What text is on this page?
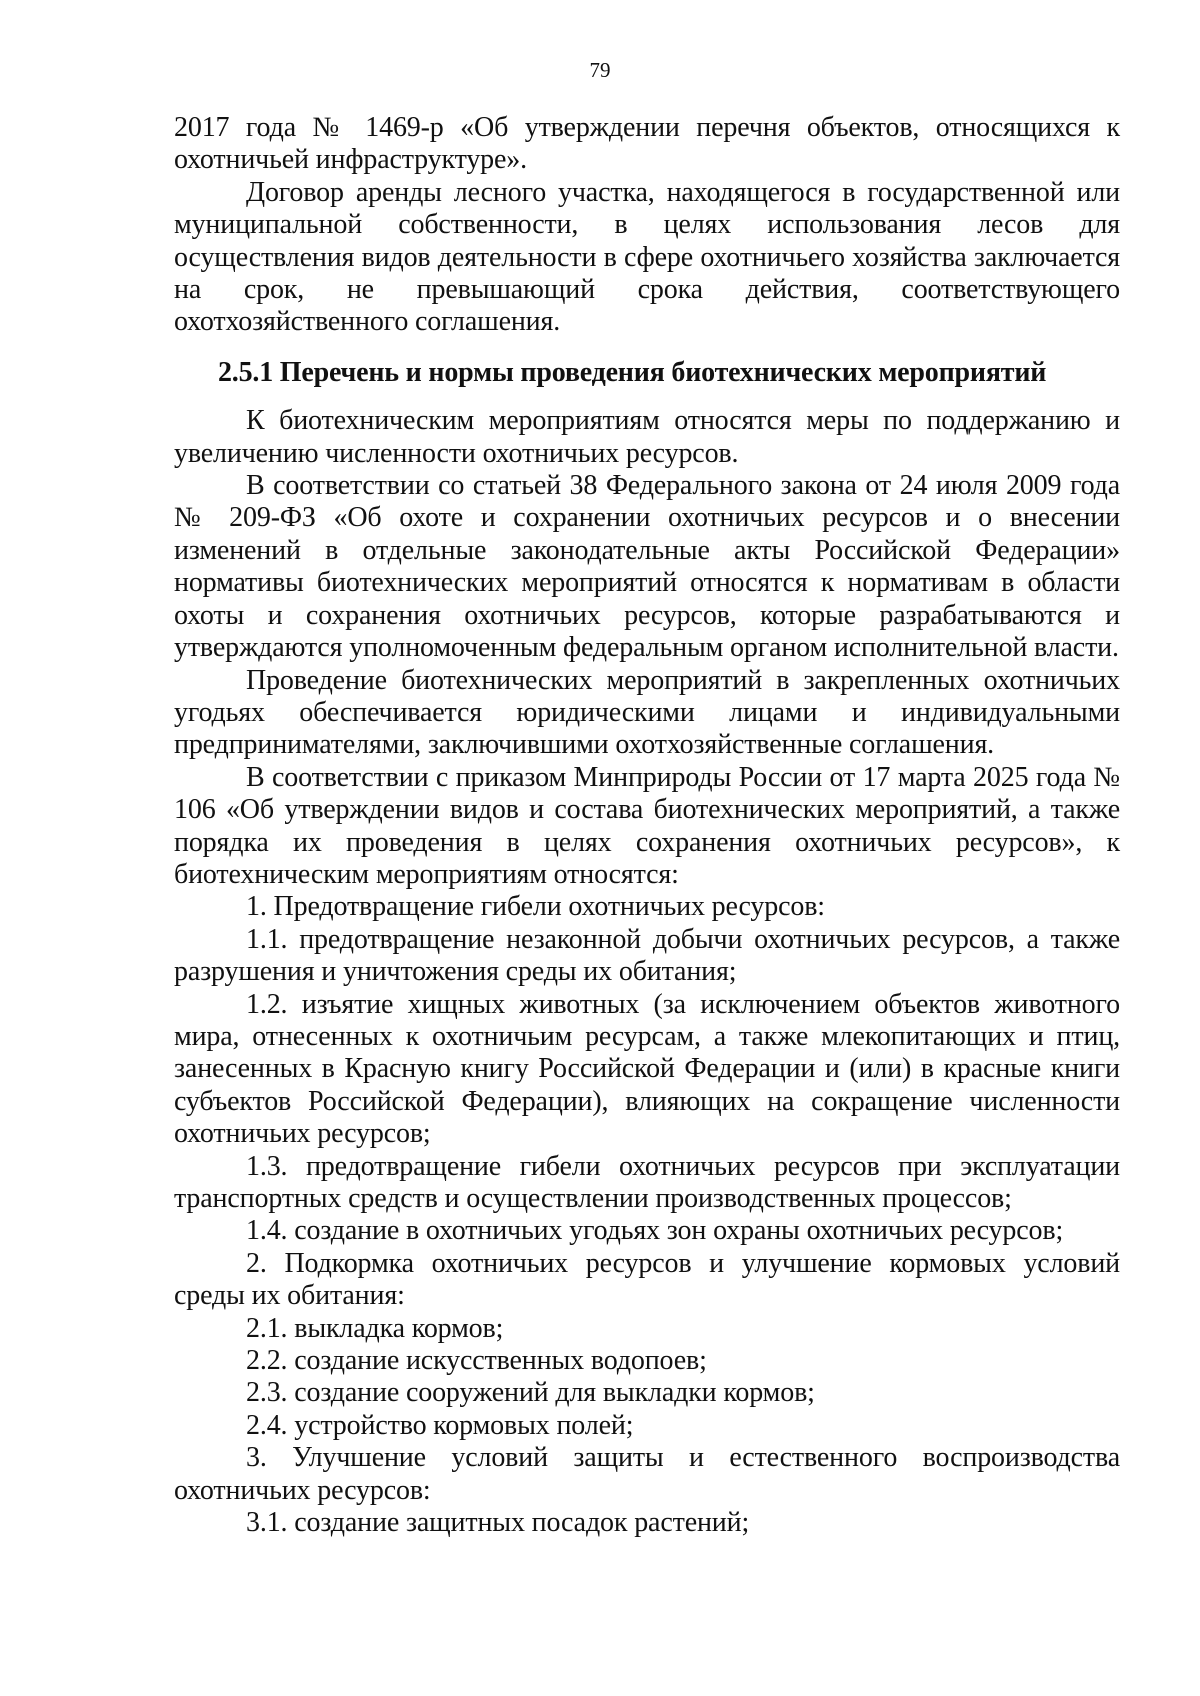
79

2017 года № 1469-р «Об утверждении перечня объектов, относящихся к охотничьей инфраструктуре».

Договор аренды лесного участка, находящегося в государственной или муниципальной собственности, в целях использования лесов для осуществления видов деятельности в сфере охотничьего хозяйства заключается на срок, не превышающий срока действия, соответствующего охотхозяйственного соглашения.

2.5.1 Перечень и нормы проведения биотехнических мероприятий

К биотехническим мероприятиям относятся меры по поддержанию и увеличению численности охотничьих ресурсов.

В соответствии со статьей 38 Федерального закона от 24 июля 2009 года № 209-ФЗ «Об охоте и сохранении охотничьих ресурсов и о внесении изменений в отдельные законодательные акты Российской Федерации» нормативы биотехнических мероприятий относятся к нормативам в области охоты и сохранения охотничьих ресурсов, которые разрабатываются и утверждаются уполномоченным федеральным органом исполнительной власти.

Проведение биотехнических мероприятий в закрепленных охотничьих угодьях обеспечивается юридическими лицами и индивидуальными предпринимателями, заключившими охотхозяйственные соглашения.

В соответствии с приказом Минприроды России от 17 марта 2025 года № 106 «Об утверждении видов и состава биотехнических мероприятий, а также порядка их проведения в целях сохранения охотничьих ресурсов», к биотехническим мероприятиям относятся:

1. Предотвращение гибели охотничьих ресурсов:

1.1. предотвращение незаконной добычи охотничьих ресурсов, а также разрушения и уничтожения среды их обитания;

1.2. изъятие хищных животных (за исключением объектов животного мира, отнесенных к охотничьим ресурсам, а также млекопитающих и птиц, занесенных в Красную книгу Российской Федерации и (или) в красные книги субъектов Российской Федерации), влияющих на сокращение численности охотничьих ресурсов;

1.3. предотвращение гибели охотничьих ресурсов при эксплуатации транспортных средств и осуществлении производственных процессов;

1.4. создание в охотничьих угодьях зон охраны охотничьих ресурсов;

2. Подкормка охотничьих ресурсов и улучшение кормовых условий среды их обитания:

2.1. выкладка кормов;

2.2. создание искусственных водопоев;

2.3. создание сооружений для выкладки кормов;

2.4. устройство кормовых полей;

3. Улучшение условий защиты и естественного воспроизводства охотничьих ресурсов:

3.1. создание защитных посадок растений;
